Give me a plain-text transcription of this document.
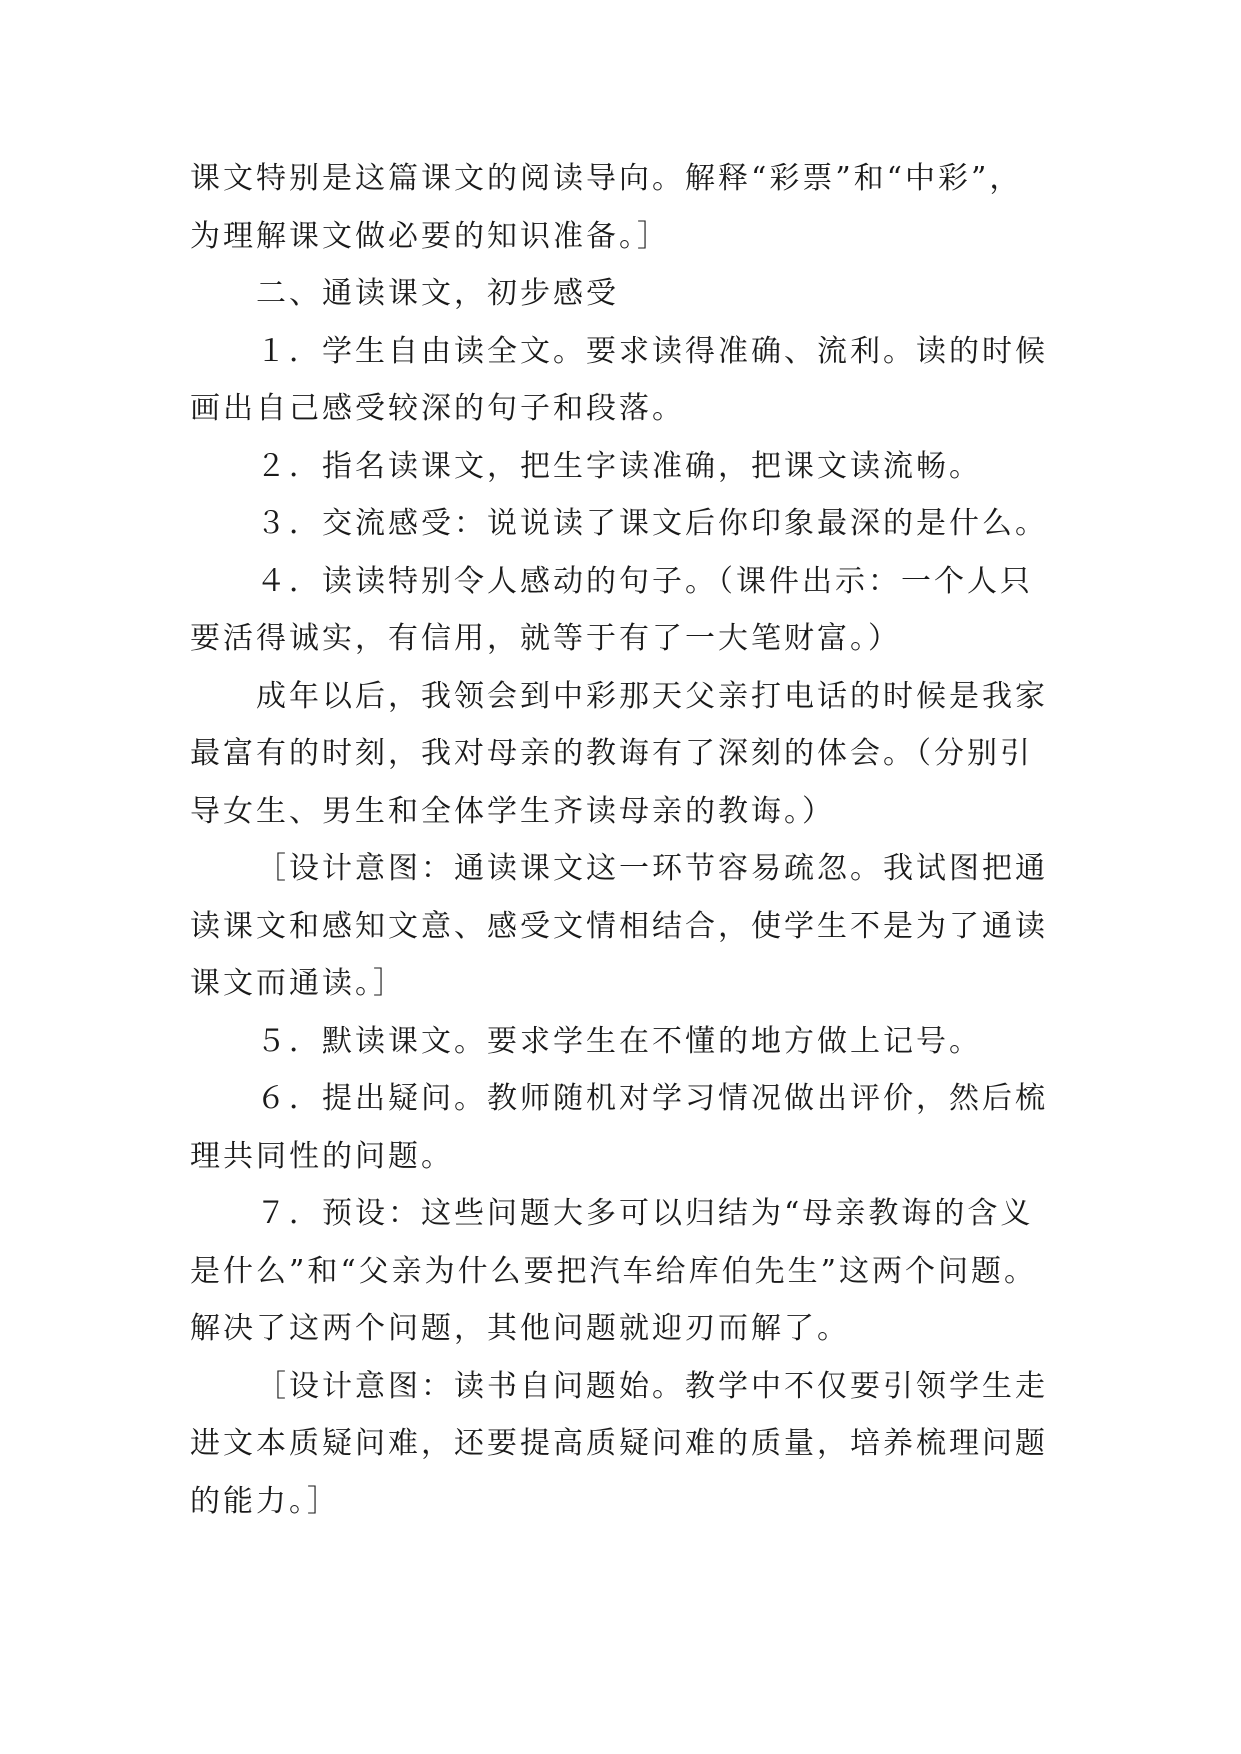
课文特别是这篇课文的阅读导向。解释“彩票”和“中彩”，
为理解课文做必要的知识准备。］
二、通读课文，初步感受
１．学生自由读全文。要求读得准确、流利。读的时候
画出自己感受较深的句子和段落。
２．指名读课文，把生字读准确，把课文读流畅。
３．交流感受：说说读了课文后你印象最深的是什么。
４．读读特别令人感动的句子。（课件出示：一个人只
要活得诚实，有信用，就等于有了一大笔财富。）
成年以后，我领会到中彩那天父亲打电话的时候是我家
最富有的时刻，我对母亲的教诲有了深刻的体会。（分别引
导女生、男生和全体学生齐读母亲的教诲。）
［设计意图：通读课文这一环节容易疏忽。我试图把通
读课文和感知文意、感受文情相结合，使学生不是为了通读
课文而通读。］
５．默读课文。要求学生在不懂的地方做上记号。
６．提出疑问。教师随机对学习情况做出评价，然后梳
理共同性的问题。
７．预设：这些问题大多可以归结为“母亲教诲的含义
是什么”和“父亲为什么要把汽车给库伯先生”这两个问题。
解决了这两个问题，其他问题就迎刃而解了。
［设计意图：读书自问题始。教学中不仅要引领学生走
进文本质疑问难，还要提高质疑问难的质量，培养梳理问题
的能力。］
